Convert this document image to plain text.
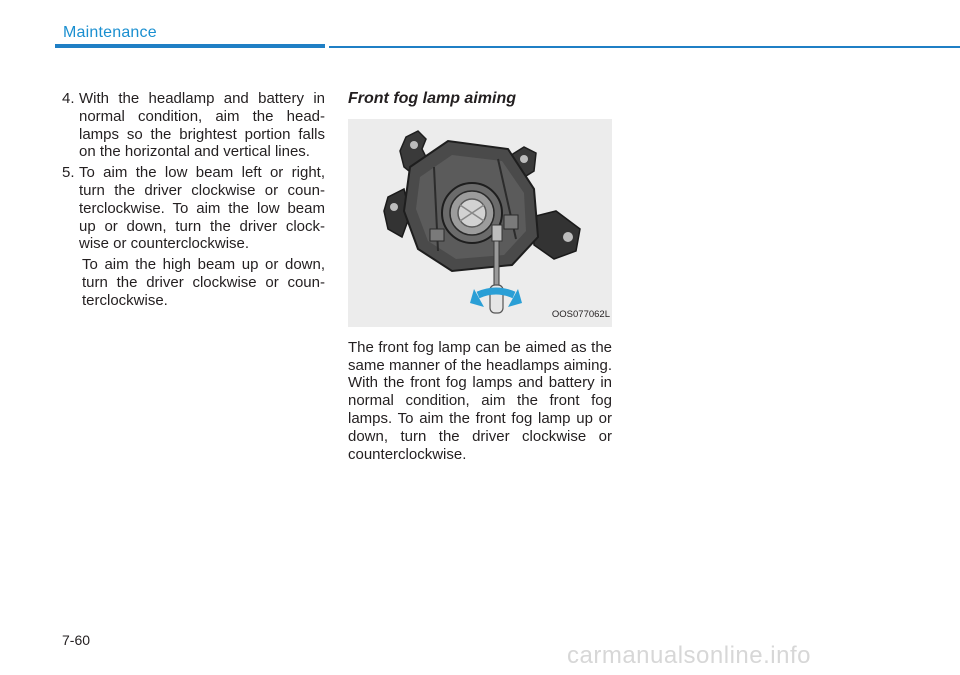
Maintenance
4. With the headlamp and battery in normal condition, aim the head-lamps so the brightest portion falls on the horizontal and vertical lines.
5. To aim the low beam left or right, turn the driver clockwise or coun-terclockwise. To aim the low beam up or down, turn the driver clock-wise or counterclockwise.
To aim the high beam up or down, turn the driver clockwise or coun-terclockwise.
Front fog lamp aiming
OOS077062L
The front fog lamp can be aimed as the same manner of the headlamps aiming. With the front fog lamps and battery in normal condition, aim the front fog lamps. To aim the front fog lamp up or down, turn the driver clockwise or counterclockwise.
7-60
carmanualsonline.info
